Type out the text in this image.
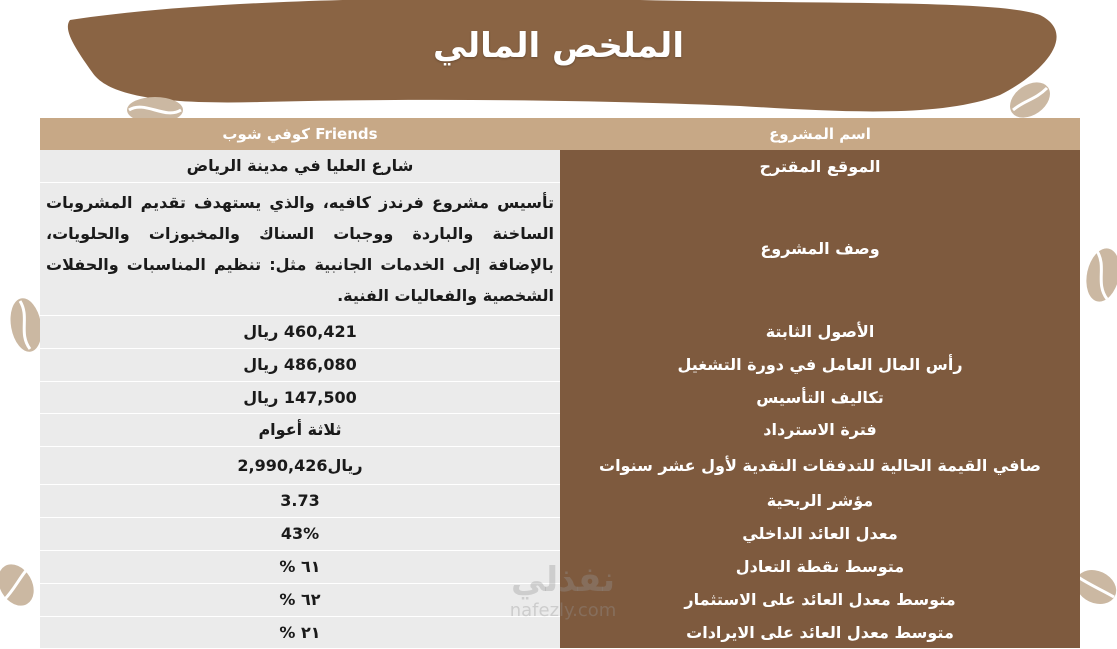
الملخص المالي
اسم المشروع	Friends كوفي شوب
الموقع المقترح	شارع العليا في مدينة الرياض
وصف المشروع	تأسيس مشروع فرندز كافيه، والذي يستهدف تقديم المشروبات الساخنة والباردة ووجبات السناك والمخبوزات والحلويات، بالإضافة إلى الخدمات الجانبية مثل: تنظيم المناسبات والحفلات الشخصية والفعاليات الفنية.
الأصول الثابتة	460,421 ريال
رأس المال العامل في دورة التشغيل	486,080 ريال
تكاليف التأسيس	147,500 ريال
فترة الاسترداد	ثلاثة أعوام
صافي القيمة الحالية للتدفقات النقدية لأول عشر سنوات	ريال2,990,426
مؤشر الربحية	3.73
معدل العائد الداخلي	43%
متوسط نقطة التعادل	٦١ %
متوسط معدل العائد على الاستثمار	٦٢ %
متوسط معدل العائد على الايرادات	٢١ %
نفذلي
nafezly.com
